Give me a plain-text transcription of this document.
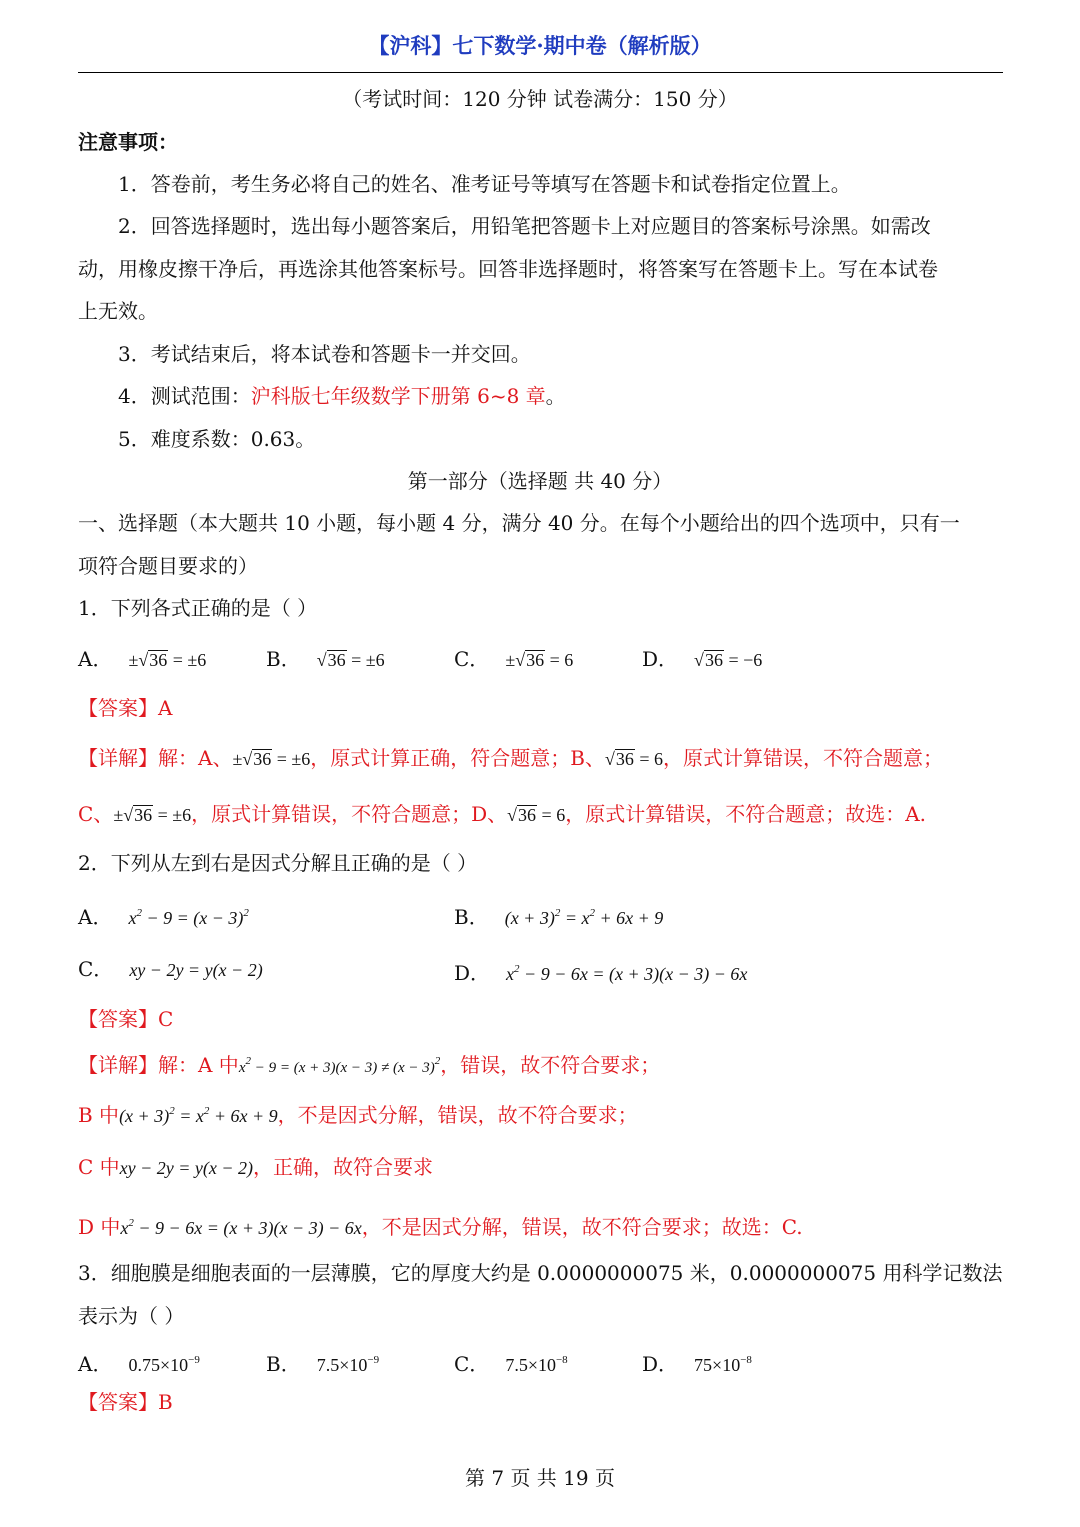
【沪科】七下数学·期中卷（解析版）
（考试时间：120 分钟 试卷满分：150 分）
注意事项：
1．答卷前，考生务必将自己的姓名、准考证号等填写在答题卡和试卷指定位置上。
2．回答选择题时，选出每小题答案后，用铅笔把答题卡上对应题目的答案标号涂黑。如需改
动，用橡皮擦干净后，再选涂其他答案标号。回答非选择题时，将答案写在答题卡上。写在本试卷
上无效。
3．考试结束后，将本试卷和答题卡一并交回。
4．测试范围：沪科版七年级数学下册第 6~8 章。
5．难度系数：0.63。
第一部分（选择题 共 40 分）
一、选择题（本大题共 10 小题，每小题 4 分，满分 40 分。在每个小题给出的四个选项中，只有一
项符合题目要求的）
1．下列各式正确的是（ ）
A． ±√36 = ±6	B． √36 = ±6	C． ±√36 = 6	D． √36 = −6
【答案】A
【详解】解：A、±√36 = ±6，原式计算正确，符合题意；B、√36 = 6，原式计算错误，不符合题意；
C、±√36 = ±6，原式计算错误，不符合题意；D、√36 = 6，原式计算错误，不符合题意；故选：A.
2．下列从左到右是因式分解且正确的是（ ）
A． $x^2 - 9 = (x - 3)^2$	B． $(x + 3)^2 = x^2 + 6x + 9$
C． xy − 2y = y(x − 2)	D． $x^2 - 9 - 6x = (x + 3)(x - 3) - 6x$
【答案】C
【详解】解：A 中$x^2 - 9 = (x + 3)(x - 3) \ne (x - 3)^2$，错误，故不符合要求；
B 中$(x + 3)^2 = x^2 + 6x + 9$，不是因式分解，错误，故不符合要求；
C 中xy − 2y = y(x − 2)，正确，故符合要求
D 中$x^2 - 9 - 6x = (x + 3)(x - 3) - 6x$，不是因式分解，错误，故不符合要求；故选：C.
3．细胞膜是细胞表面的一层薄膜，它的厚度大约是 0.0000000075 米，0.0000000075 用科学记数法
表示为（ ）
A． $0.75\times 10^{-9}$	B． $7.5\times 10^{-9}$	C． $7.5\times 10^{-8}$	D． $75\times 10^{-8}$
【答案】B
第 7 页 共 19 页
